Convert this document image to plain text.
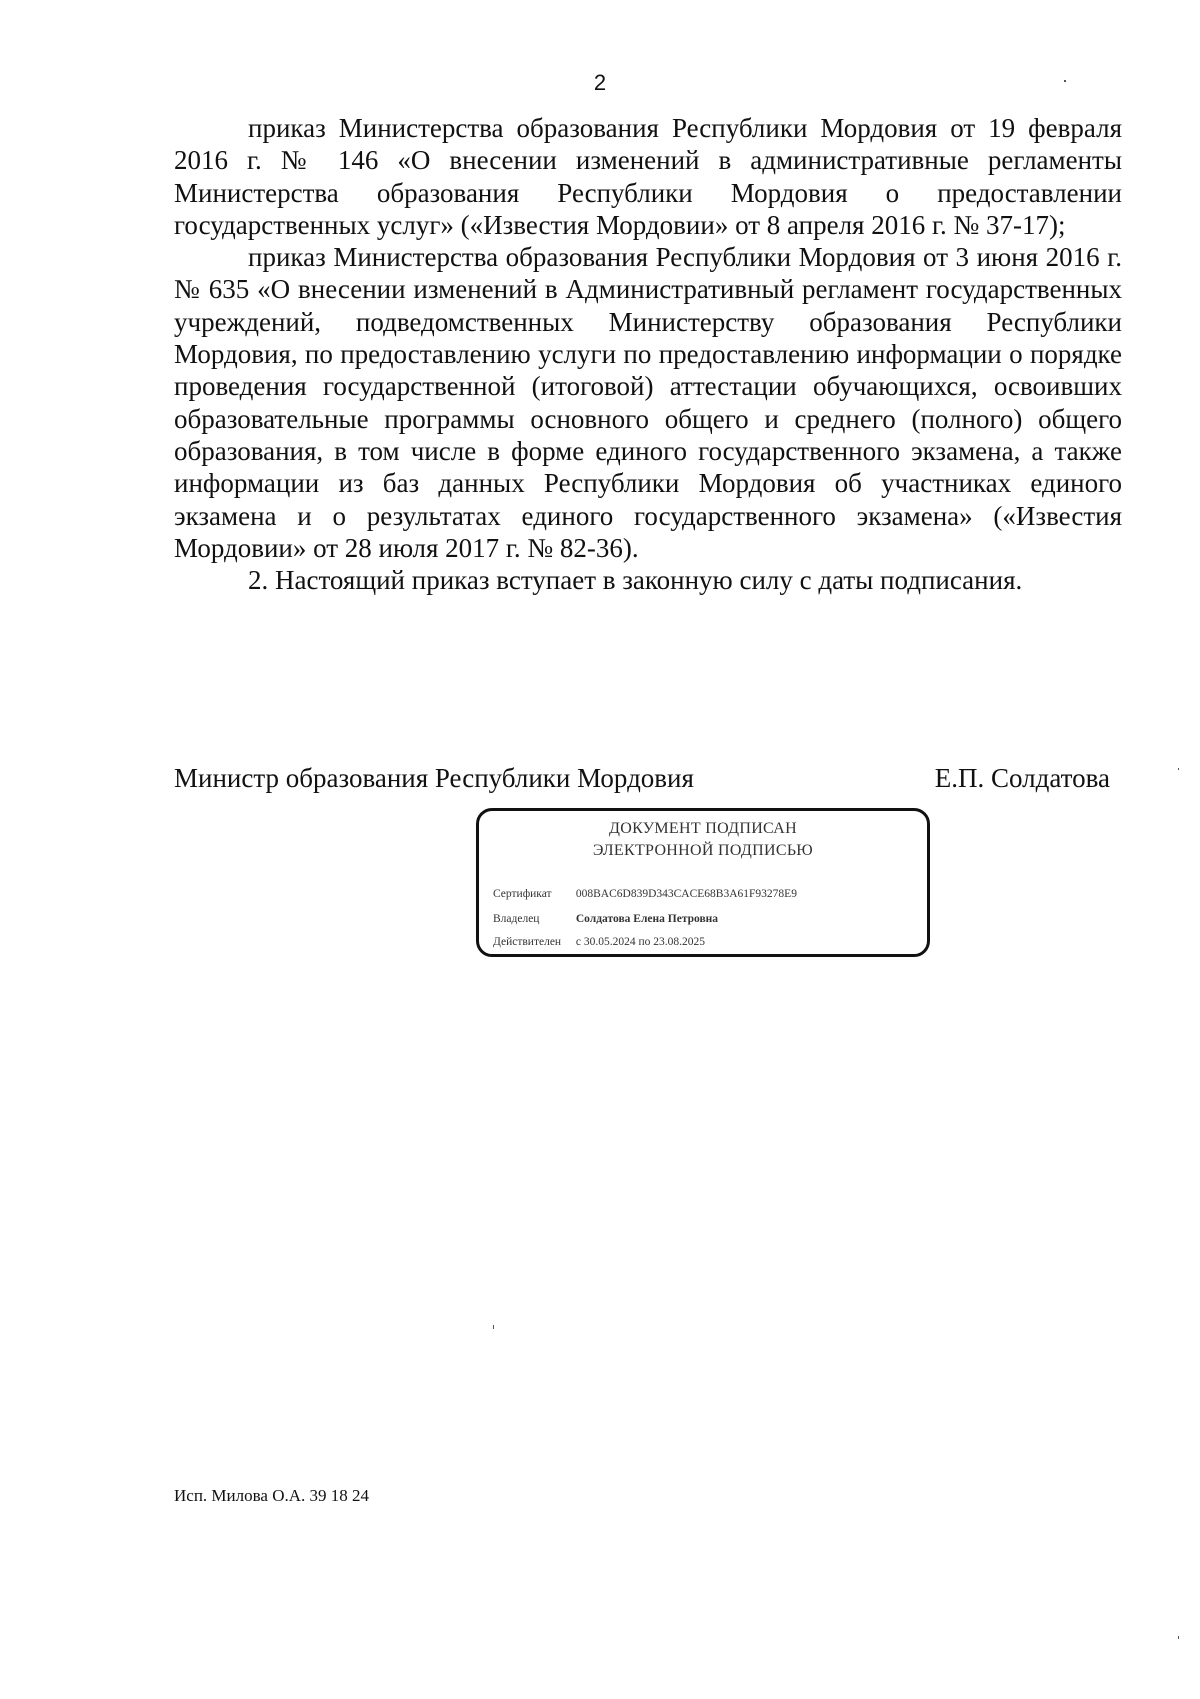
2

приказ Министерства образования Республики Мордовия от 19 февраля 2016 г. № 146 «О внесении изменений в административные регламенты Министерства образования Республики Мордовия о предоставлении государственных услуг» («Известия Мордовии» от 8 апреля 2016 г. № 37-17);

приказ Министерства образования Республики Мордовия от 3 июня 2016 г. № 635 «О внесении изменений в Административный регламент государственных учреждений, подведомственных Министерству образования Республики Мордовия, по предоставлению услуги по предоставлению информации о порядке проведения государственной (итоговой) аттестации обучающихся, освоивших образовательные программы основного общего и среднего (полного) общего образования, в том числе в форме единого государственного экзамена, а также информации из баз данных Республики Мордовия об участниках единого экзамена и о результатах единого государственного экзамена» («Известия Мордовии» от 28 июля 2017 г. № 82-36).

2. Настоящий приказ вступает в законную силу с даты подписания.

Министр образования Республики Мордовия	Е.П. Солдатова
ДОКУМЕНТ ПОДПИСАН
ЭЛЕКТРОННОЙ ПОДПИСЬЮ
Сертификат 008BAC6D839D343CACE68B3A61F93278E9
Владелец	Солдатова Елена Петровна
Действителен с 30.05.2024 по 23.08.2025
Исп. Милова О.А. 39 18 24
